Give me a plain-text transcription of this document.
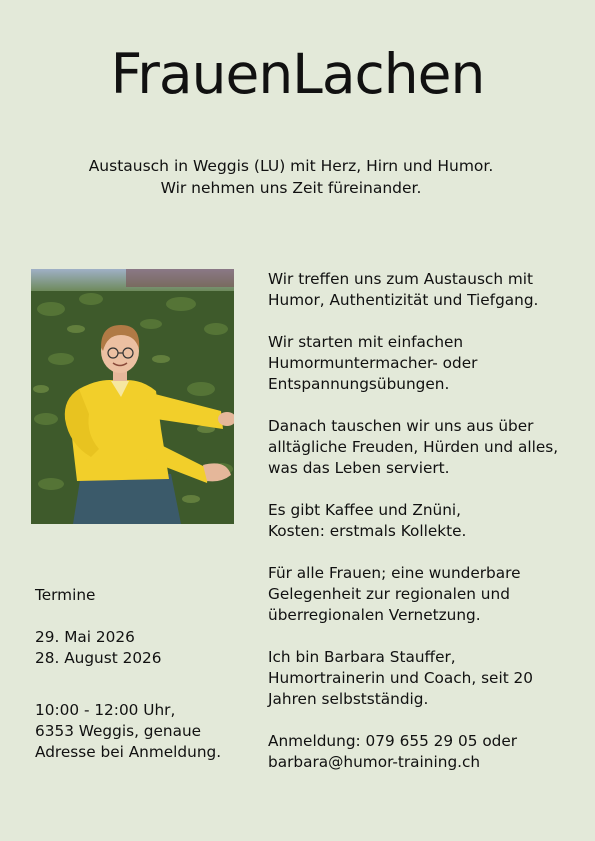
FrauenLachen
Austausch in Weggis (LU) mit Herz, Hirn und Humor.
Wir nehmen uns Zeit füreinander.

Wir treffen uns zum Austausch mit
Humor, Authentizität und Tiefgang.

Wir starten mit einfachen
Humormuntermacher- oder
Entspannungsübungen.

Danach tauschen wir uns aus über
alltägliche Freuden, Hürden und alles,
was das Leben serviert.

Es gibt Kaffee und Znüni,
Kosten: erstmals Kollekte.

Für alle Frauen; eine wunderbare
Gelegenheit zur regionalen und
überregionalen Vernetzung.

Ich bin Barbara Stauffer,
Humortrainerin und Coach, seit 20
Jahren selbstständig.

Anmeldung: 079 655 29 05 oder
barbara@humor-training.ch

Termine

29. Mai 2026
28. August 2026

10:00 - 12:00 Uhr,
6353 Weggis, genaue
Adresse bei Anmeldung.
